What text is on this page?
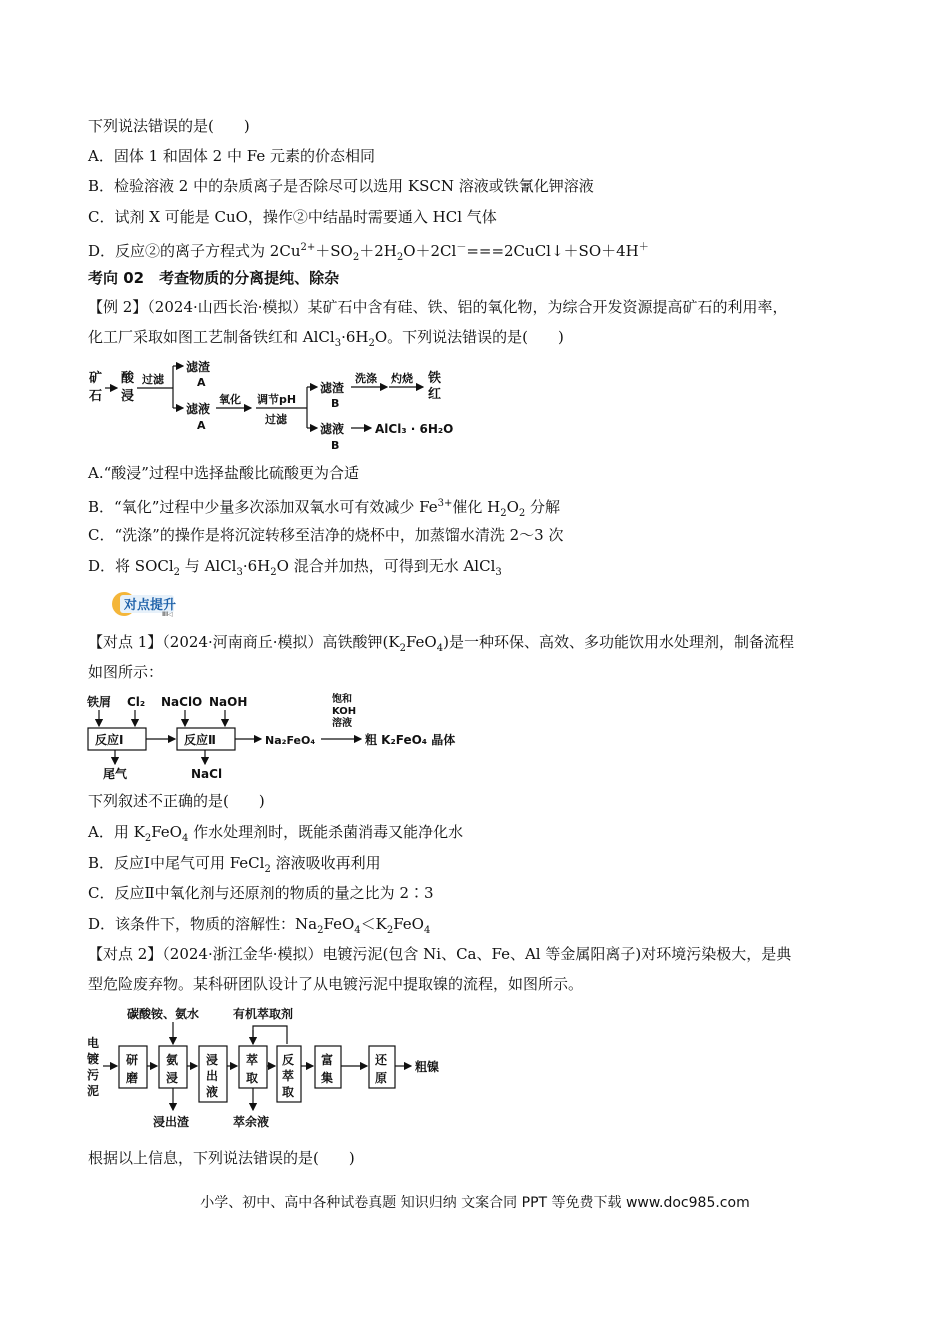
下列说法错误的是(　　)
A．固体 1 和固体 2 中 Fe 元素的价态相同
B．检验溶液 2 中的杂质离子是否除尽可以选用 KSCN 溶液或铁氰化钾溶液
C．试剂 X 可能是 CuO，操作②中结晶时需要通入 HCl 气体
D．反应②的离子方程式为 $2Cu^{2+}+SO_2+2H_2O+2Cl^-===2CuCl↓+SO+4H^+$
考向 02　考查物质的分离提纯、除杂
【例 2】（2024·山西长治·模拟）某矿石中含有硅、铁、铝的氧化物，为综合开发资源提高矿石的利用率，
化工厂采取如图工艺制备铁红和 $AlCl_3\cdot 6H_2O$。下列说法错误的是(　　)
矿
石
酸
浸
过滤
滤渣
A
滤液
A
氧化 调节pH
过滤
滤渣
B
洗涤 灼烧 铁
红
滤液
B
AlCl₃ · 6H₂O
A.“酸浸”过程中选择盐酸比硫酸更为合适
B．“氧化”过程中少量多次添加双氧水可有效减少 $Fe^{3+}$催化 $H_2O_2$ 分解
C．“洗涤”的操作是将沉淀转移至洁净的烧杯中，加蒸馏水清洗 2～3 次
D．将 SOCl$_2$ 与 $AlCl_3\cdot 6H_2O$ 混合并加热，可得到无水 AlCl$_3$
对点提升
ⅡⅠ◁
【对点 1】（2024·河南商丘·模拟）高铁酸钾$(K_2FeO_4)$是一种环保、高效、多功能饮用水处理剂，制备流程
如图所示：
铁屑 Cl₂ NaClO NaOH
反应Ⅰ	反应Ⅱ	Na₂FeO₄
饱和
KOH
溶液
粗 K₂FeO₄ 晶体
尾气	NaCl
下列叙述不正确的是(　　)
A．用 $K_2FeO_4$ 作水处理剂时，既能杀菌消毒又能净化水
B．反应Ⅰ中尾气可用 FeCl$_2$ 溶液吸收再利用
C．反应Ⅱ中氧化剂与还原剂的物质的量之比为 2∶3
D．该条件下，物质的溶解性：$Na_2FeO_4<K_2FeO_4$
【对点 2】（2024·浙江金华·模拟）电镀污泥(包含 Ni、Ca、Fe、Al 等金属阳离子)对环境污染极大，是典
型危险废弃物。某科研团队设计了从电镀污泥中提取镍的流程，如图所示。
碳酸铵、氨水	有机萃取剂
电
镀
污
泥
研
磨
氨
浸
浸出渣
浸
出
液
萃
取
萃余液
反
萃
取
富
集
还
原
粗镍
根据以上信息，下列说法错误的是(　　)
小学、初中、高中各种试卷真题 知识归纳 文案合同 PPT 等免费下载 www.doc985.com
